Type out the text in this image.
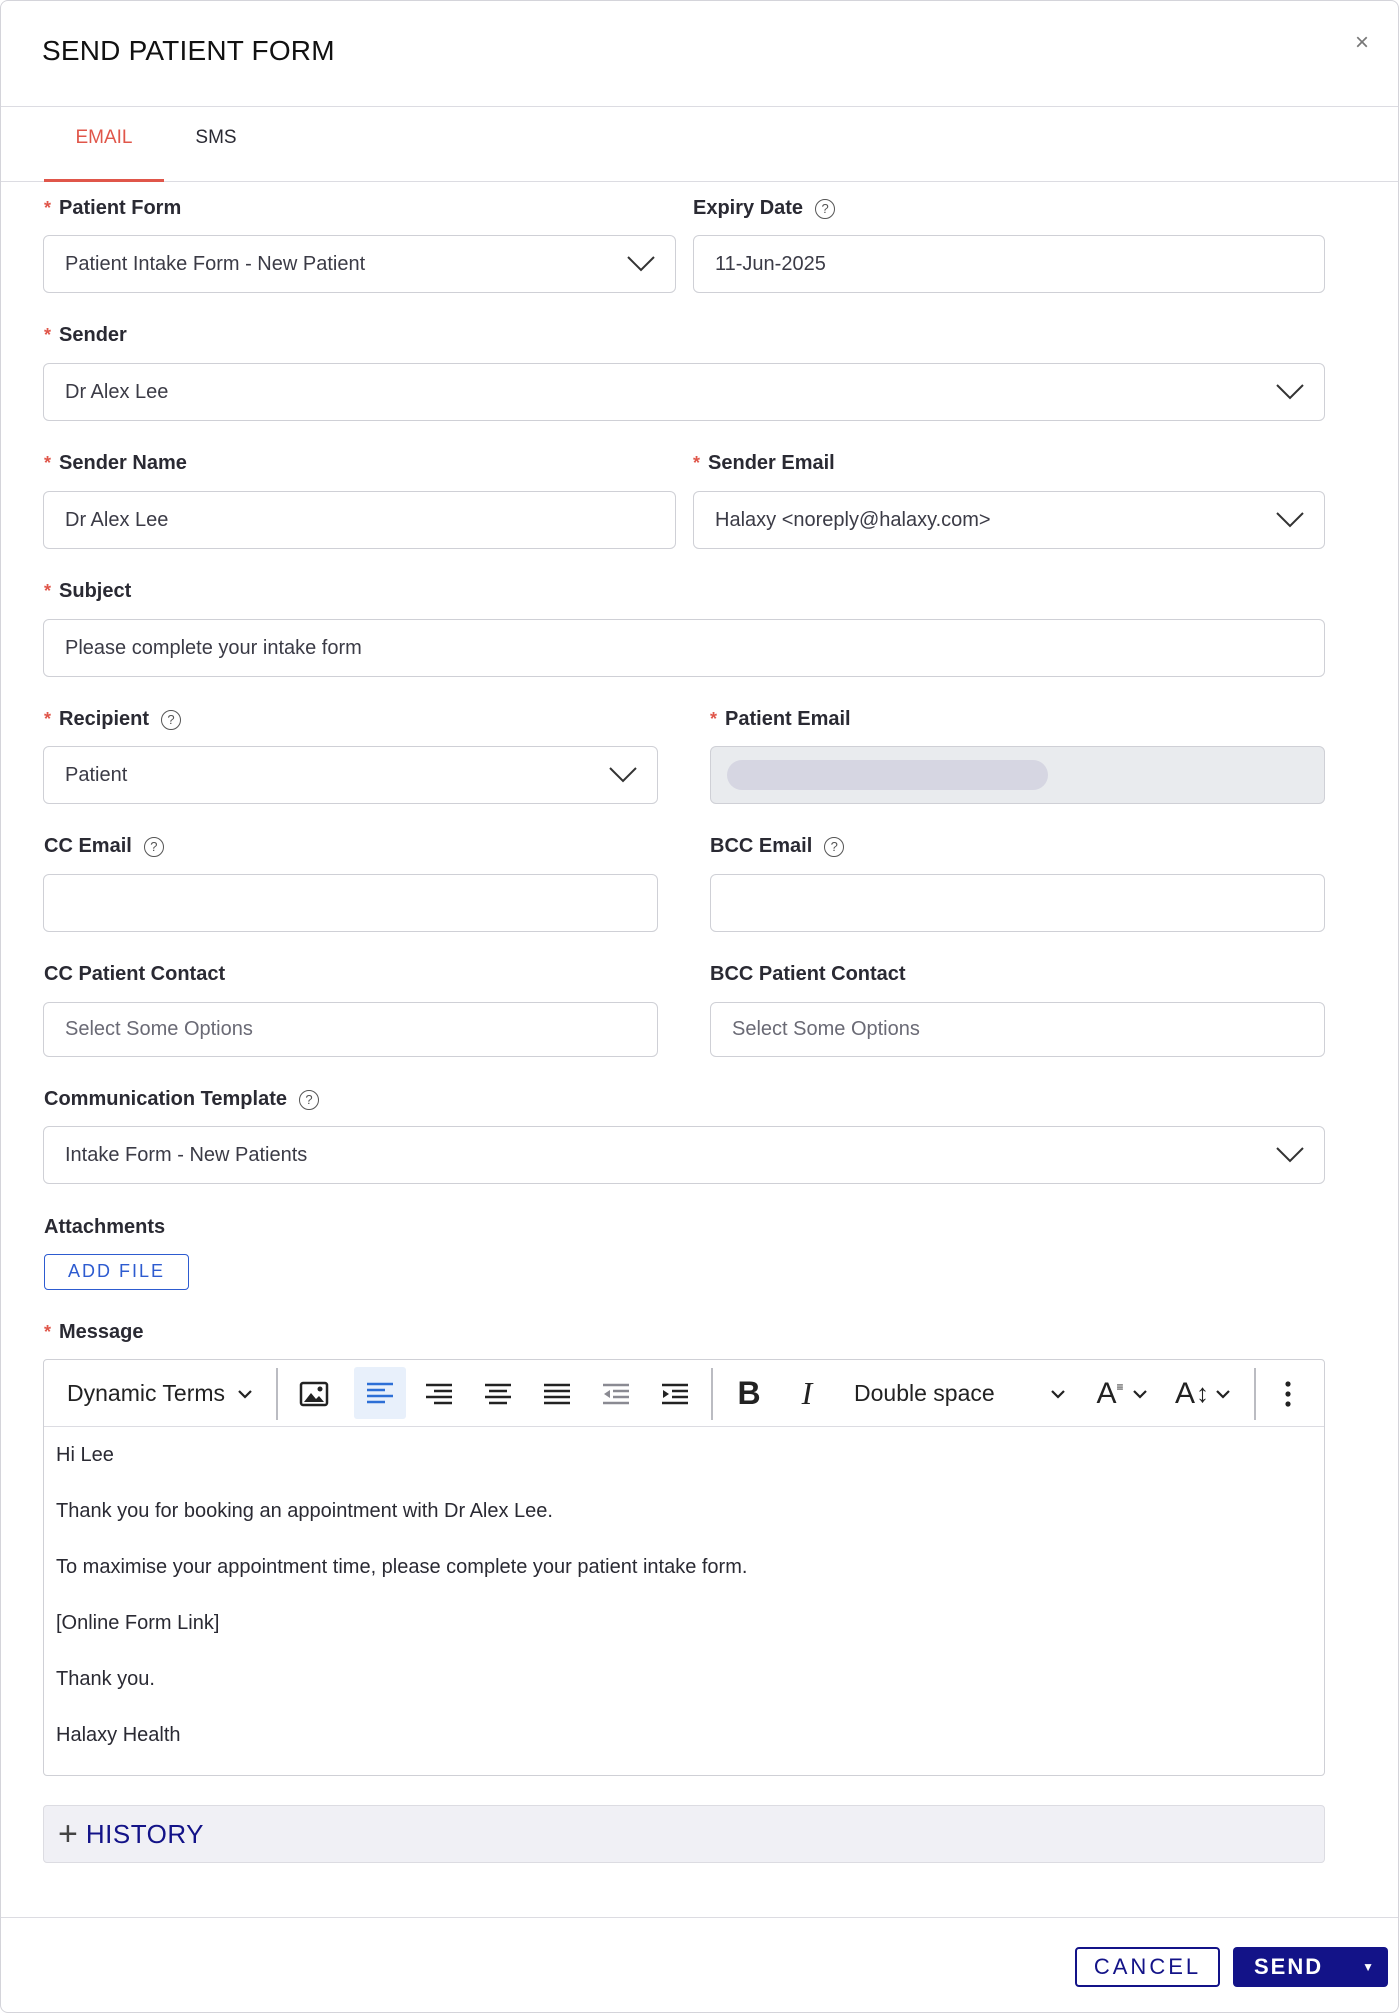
SEND PATIENT FORM	×
EMAIL	SMS
* Patient Form
Patient Intake Form - New Patient
Expiry Date	?
11-Jun-2025
* Sender
Dr Alex Lee
* Sender Name
Dr Alex Lee
* Sender Email
Halaxy <noreply@halaxy.com>
* Subject
Please complete your intake form
* Recipient	?
Patient
* Patient Email
CC Email	?	BCC Email	?
CC Patient Contact
Select Some Options
BCC Patient Contact
Select Some Options
Communication Template	?
Intake Form - New Patients
Attachments
ADD FILE
* Message
Dynamic Terms	B I Double space	A ≡ A ↕

Hi Lee

Thank you for booking an appointment with Dr Alex Lee.

To maximise your appointment time, please complete your patient intake form.

[Online Form Link]

Thank you.

Halaxy Health

+ HISTORY
CANCEL	SEND	▼
